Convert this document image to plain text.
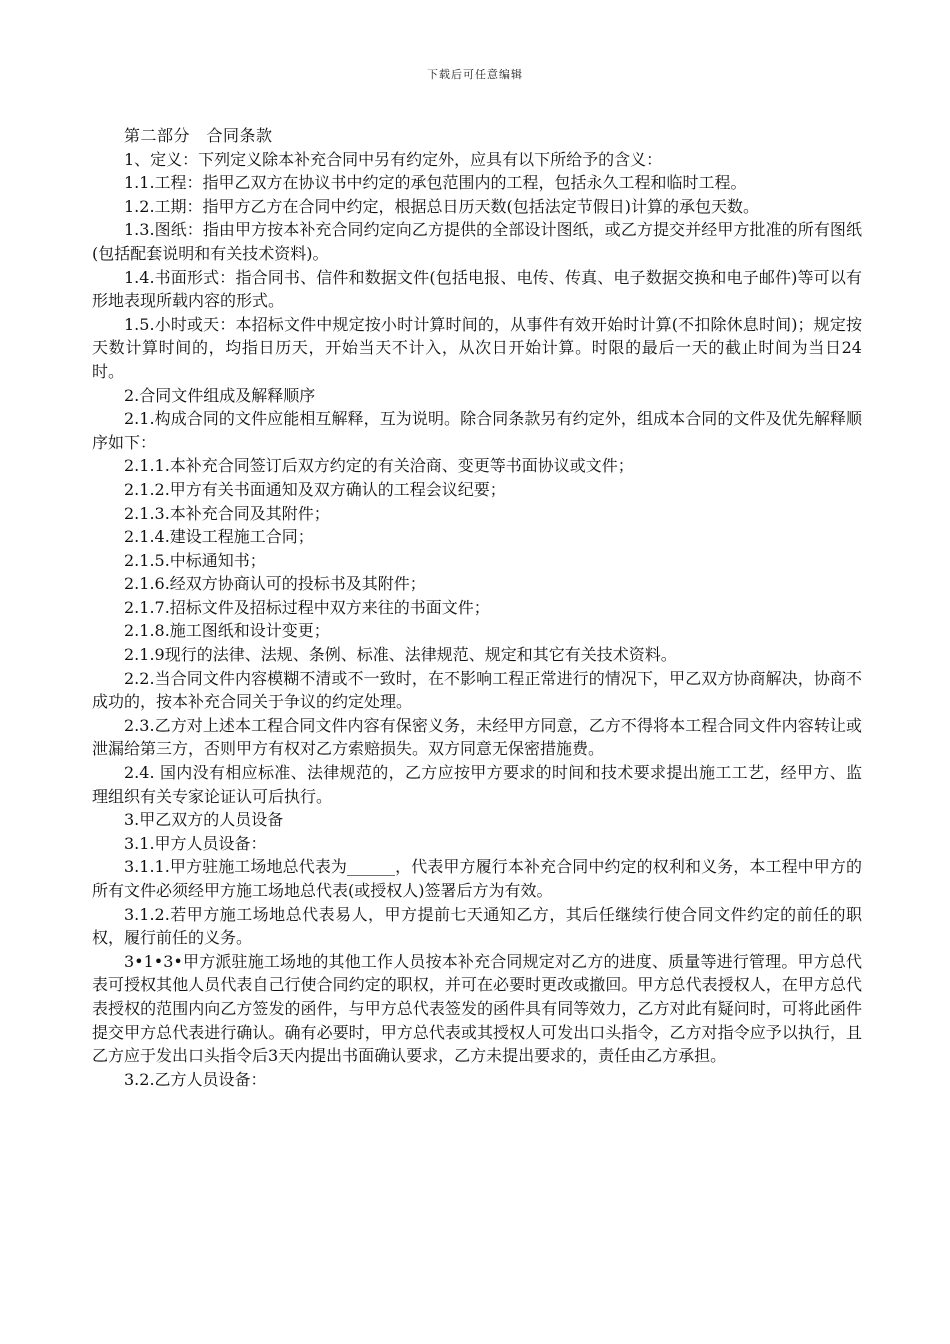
下载后可任意编辑

第二部分　合同条款

1、定义：下列定义除本补充合同中另有约定外，应具有以下所给予的含义：

1.1.工程：指甲乙双方在协议书中约定的承包范围内的工程，包括永久工程和临时工程。

1.2.工期：指甲方乙方在合同中约定，根据总日历天数(包括法定节假日)计算的承包天数。

1.3.图纸：指由甲方按本补充合同约定向乙方提供的全部设计图纸，或乙方提交并经甲方批准的所有图纸(包括配套说明和有关技术资料)。

1.4.书面形式：指合同书、信件和数据文件(包括电报、电传、传真、电子数据交换和电子邮件)等可以有形地表现所载内容的形式。

1.5.小时或天：本招标文件中规定按小时计算时间的，从事件有效开始时计算(不扣除休息时间)；规定按天数计算时间的，均指日历天，开始当天不计入，从次日开始计算。时限的最后一天的截止时间为当日24时。

2.合同文件组成及解释顺序

2.1.构成合同的文件应能相互解释，互为说明。除合同条款另有约定外，组成本合同的文件及优先解释顺序如下：

2.1.1.本补充合同签订后双方约定的有关洽商、变更等书面协议或文件；

2.1.2.甲方有关书面通知及双方确认的工程会议纪要；

2.1.3.本补充合同及其附件；

2.1.4.建设工程施工合同；

2.1.5.中标通知书；

2.1.6.经双方协商认可的投标书及其附件；

2.1.7.招标文件及招标过程中双方来往的书面文件；

2.1.8.施工图纸和设计变更；

2.1.9现行的法律、法规、条例、标准、法律规范、规定和其它有关技术资料。

2.2.当合同文件内容模糊不清或不一致时，在不影响工程正常进行的情况下，甲乙双方协商解决，协商不成功的，按本补充合同关于争议的约定处理。

2.3.乙方对上述本工程合同文件内容有保密义务，未经甲方同意，乙方不得将本工程合同文件内容转让或泄漏给第三方，否则甲方有权对乙方索赔损失。双方同意无保密措施费。

2.4. 国内没有相应标准、法律规范的，乙方应按甲方要求的时间和技术要求提出施工工艺，经甲方、监理组织有关专家论证认可后执行。

3.甲乙双方的人员设备

3.1.甲方人员设备：

3.1.1.甲方驻施工场地总代表为______，代表甲方履行本补充合同中约定的权利和义务，本工程中甲方的所有文件必须经甲方施工场地总代表(或授权人)签署后方为有效。

3.1.2.若甲方施工场地总代表易人，甲方提前七天通知乙方，其后任继续行使合同文件约定的前任的职权，履行前任的义务。

3•1•3•甲方派驻施工场地的其他工作人员按本补充合同规定对乙方的进度、质量等进行管理。甲方总代表可授权其他人员代表自己行使合同约定的职权，并可在必要时更改或撤回。甲方总代表授权人，在甲方总代表授权的范围内向乙方签发的函件，与甲方总代表签发的函件具有同等效力，乙方对此有疑问时，可将此函件提交甲方总代表进行确认。确有必要时，甲方总代表或其授权人可发出口头指令，乙方对指令应予以执行，且乙方应于发出口头指令后3天内提出书面确认要求，乙方未提出要求的，责任由乙方承担。

3.2.乙方人员设备：
